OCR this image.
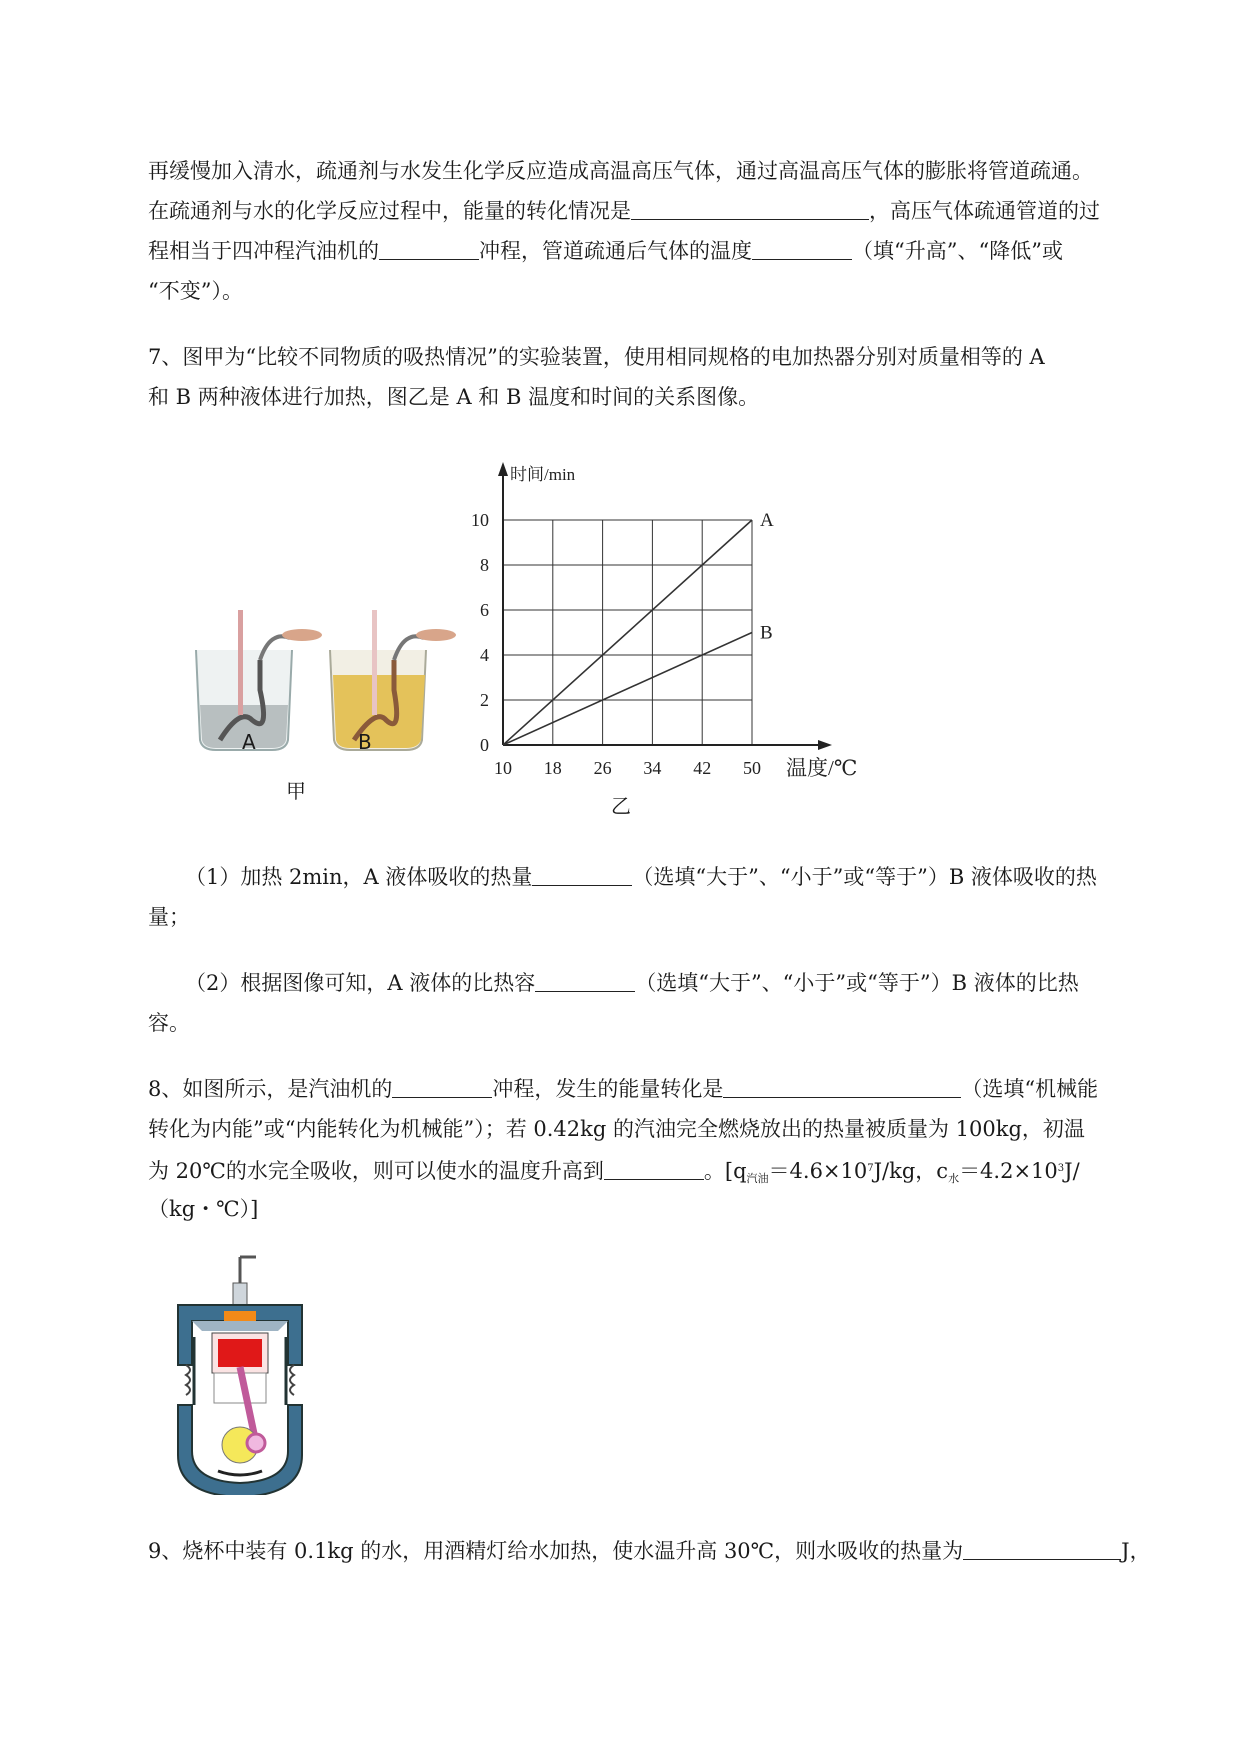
再缓慢加入清水，疏通剂与水发生化学反应造成高温高压气体，通过高温高压气体的膨胀将管道疏通。
在疏通剂与水的化学反应过程中，能量的转化情况是	，高压气体疏通管道的过
程相当于四冲程汽油机的	冲程，管道疏通后气体的温度	（填“升高”、“降低”或
“不变”）。
7、图甲为“比较不同物质的吸热情况”的实验装置，使用相同规格的电加热器分别对质量相等的 A
和 B 两种液体进行加热，图乙是 A 和 B 温度和时间的关系图像。
A	B
甲
10 18 26 34 42 50
0
2
4
6
8
10
温度/℃
时间/min
A
B
乙
（1）加热 2min，A 液体吸收的热量	（选填“大于”、“小于”或“等于”）B 液体吸收的热
量；
（2）根据图像可知，A 液体的比热容	（选填“大于”、“小于”或“等于”）B 液体的比热
容。
8、如图所示，是汽油机的	冲程，发生的能量转化是	（选填“机械能
转化为内能”或“内能转化为机械能”）；若 0.42kg 的汽油完全燃烧放出的热量被质量为 100kg，初温
为 20℃的水完全吸收，则可以使水的温度升高到	。[$q_{汽油}=4.6\times 10^7J/kg$，$c_水=4.2\times 10^3J/$
（kg・℃）]
9、烧杯中装有 0.1kg 的水，用酒精灯给水加热，使水温升高 30℃，则水吸收的热量为	J，
